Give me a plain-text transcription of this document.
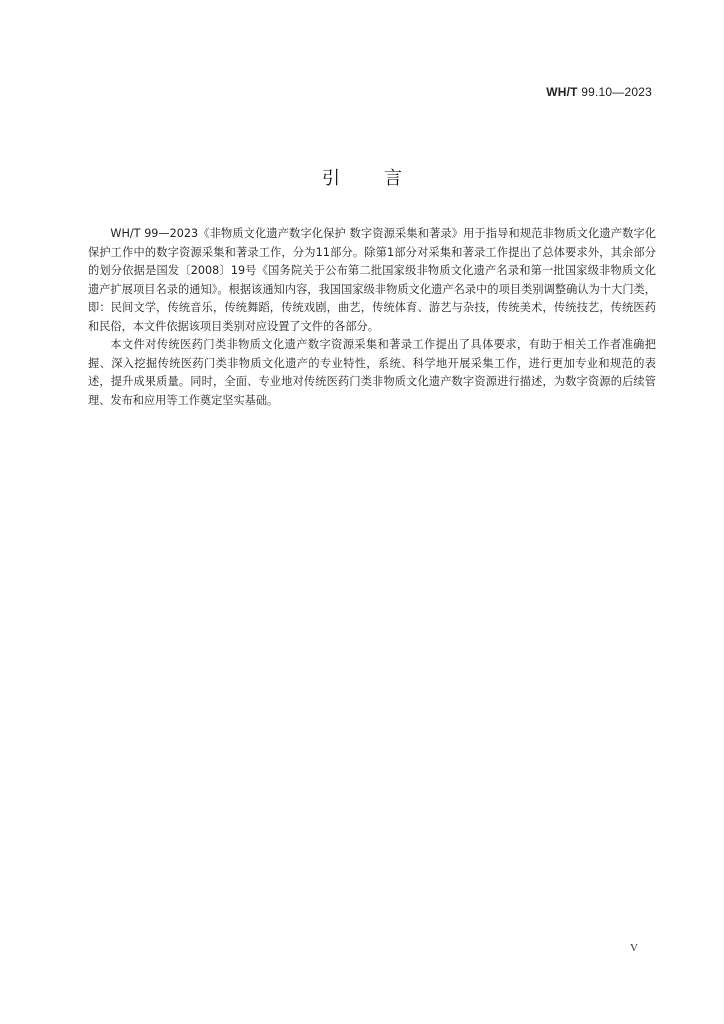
WH/T 99.10—2023
引言

WH/T 99—2023《非物质文化遗产数字化保护 数字资源采集和著录》用于指导和规范非物质文化遗产数字化保护工作中的数字资源采集和著录工作，分为11部分。除第1部分对采集和著录工作提出了总体要求外，其余部分的划分依据是国发〔2008〕19号《国务院关于公布第二批国家级非物质文化遗产名录和第一批国家级非物质文化遗产扩展项目名录的通知》。根据该通知内容，我国国家级非物质文化遗产名录中的项目类别调整确认为十大门类，即：民间文学，传统音乐，传统舞蹈，传统戏剧，曲艺，传统体育、游艺与杂技，传统美术，传统技艺，传统医药和民俗，本文件依据该项目类别对应设置了文件的各部分。

本文件对传统医药门类非物质文化遗产数字资源采集和著录工作提出了具体要求，有助于相关工作者准确把握、深入挖掘传统医药门类非物质文化遗产的专业特性，系统、科学地开展采集工作，进行更加专业和规范的表述，提升成果质量。同时，全面、专业地对传统医药门类非物质文化遗产数字资源进行描述，为数字资源的后续管理、发布和应用等工作奠定坚实基础。

V
